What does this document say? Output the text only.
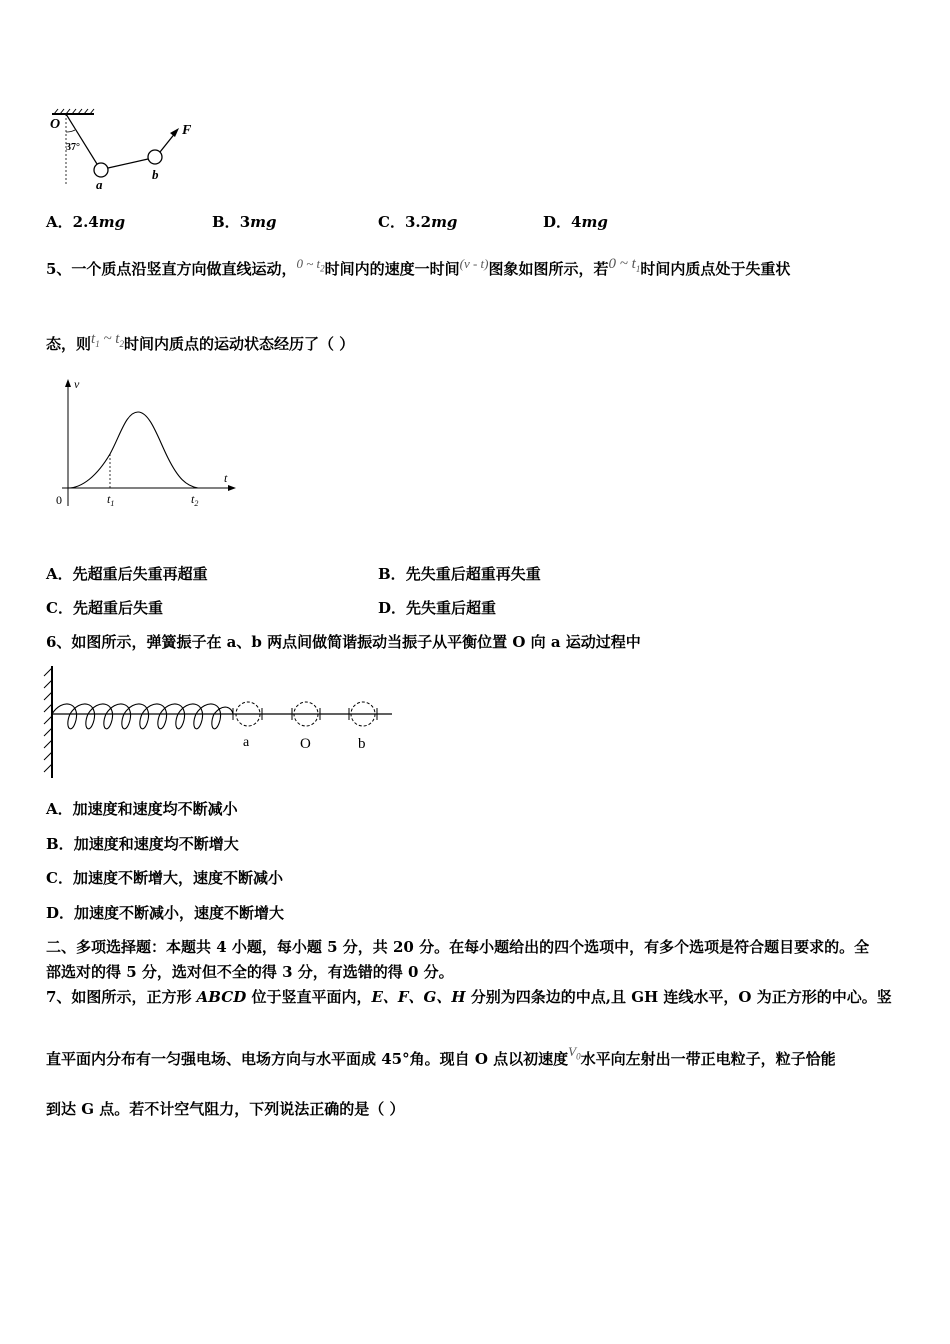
O
37°
a
b
F
A．2.4mg	B．3mg	C．3.2mg	D．4mg
5、一个质点沿竖直方向做直线运动，0 ~ $t_2$时间内的速度一时间(v - t)图象如图所示，若0 ~ $t_1$时间内质点处于失重状
态，则$t_1$ ~ $t_2$时间内质点的运动状态经历了（ ）
v
t
0	$t_1$	$t_2$
A．先超重后失重再超重	B．先失重后超重再失重
C．先超重后失重	D．先失重后超重
6、如图所示，弹簧振子在 a、b 两点间做简谐振动当振子从平衡位置 O 向 a 运动过程中
a	O	b
A．加速度和速度均不断减小
B．加速度和速度均不断增大
C．加速度不断增大，速度不断减小
D．加速度不断减小，速度不断增大
二、多项选择题：本题共 4 小题，每小题 5 分，共 20 分。在每小题给出的四个选项中，有多个选项是符合题目要求的。全
部选对的得 5 分，选对但不全的得 3 分，有选错的得 0 分。
7、如图所示，正方形 ABCD 位于竖直平面内，E、F、G、H 分别为四条边的中点,且 GH 连线水平，O 为正方形的中心。竖
直平面内分布有一匀强电场、电场方向与水平面成 45°角。现自 O 点以初速度$V_0$水平向左射出一带正电粒子，粒子恰能
到达 G 点。若不计空气阻力，下列说法正确的是（ ）
